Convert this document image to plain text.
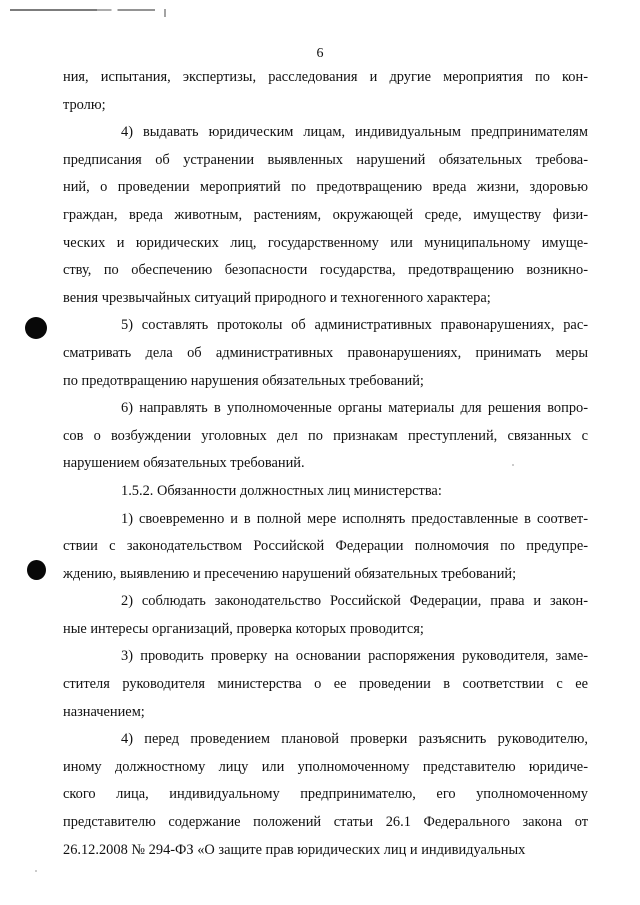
6

ния, испытания, экспертизы, расследования и другие мероприятия по кон-

тролю;

4) выдавать юридическим лицам, индивидуальным предпринимателям

предписания об устранении выявленных нарушений обязательных требова-

ний, о проведении мероприятий по предотвращению вреда жизни, здоровью

граждан, вреда животным, растениям, окружающей среде, имуществу физи-

ческих и юридических лиц, государственному или муниципальному имуще-

ству, по обеспечению безопасности государства, предотвращению возникно-

вения чрезвычайных ситуаций природного и техногенного характера;

5) составлять протоколы об административных правонарушениях, рас-

сматривать дела об административных правонарушениях, принимать меры

по предотвращению нарушения обязательных требований;

6) направлять в уполномоченные органы материалы для решения вопро-

сов о возбуждении уголовных дел по признакам преступлений, связанных с

нарушением обязательных требований.

1.5.2. Обязанности должностных лиц министерства:

1) своевременно и в полной мере исполнять предоставленные в соответ-

ствии с законодательством Российской Федерации полномочия по предупре-

ждению, выявлению и пресечению нарушений обязательных требований;

2) соблюдать законодательство Российской Федерации, права и закон-

ные интересы организаций, проверка которых проводится;

3) проводить проверку на основании распоряжения руководителя, заме-

стителя руководителя министерства о ее проведении в соответствии с ее

назначением;

4) перед проведением плановой проверки разъяснить руководителю,

иному должностному лицу или уполномоченному представителю юридиче-

ского лица, индивидуальному предпринимателю, его уполномоченному

представителю содержание положений статьи 26.1 Федерального закона от

26.12.2008 № 294-ФЗ «О защите прав юридических лиц и индивидуальных
